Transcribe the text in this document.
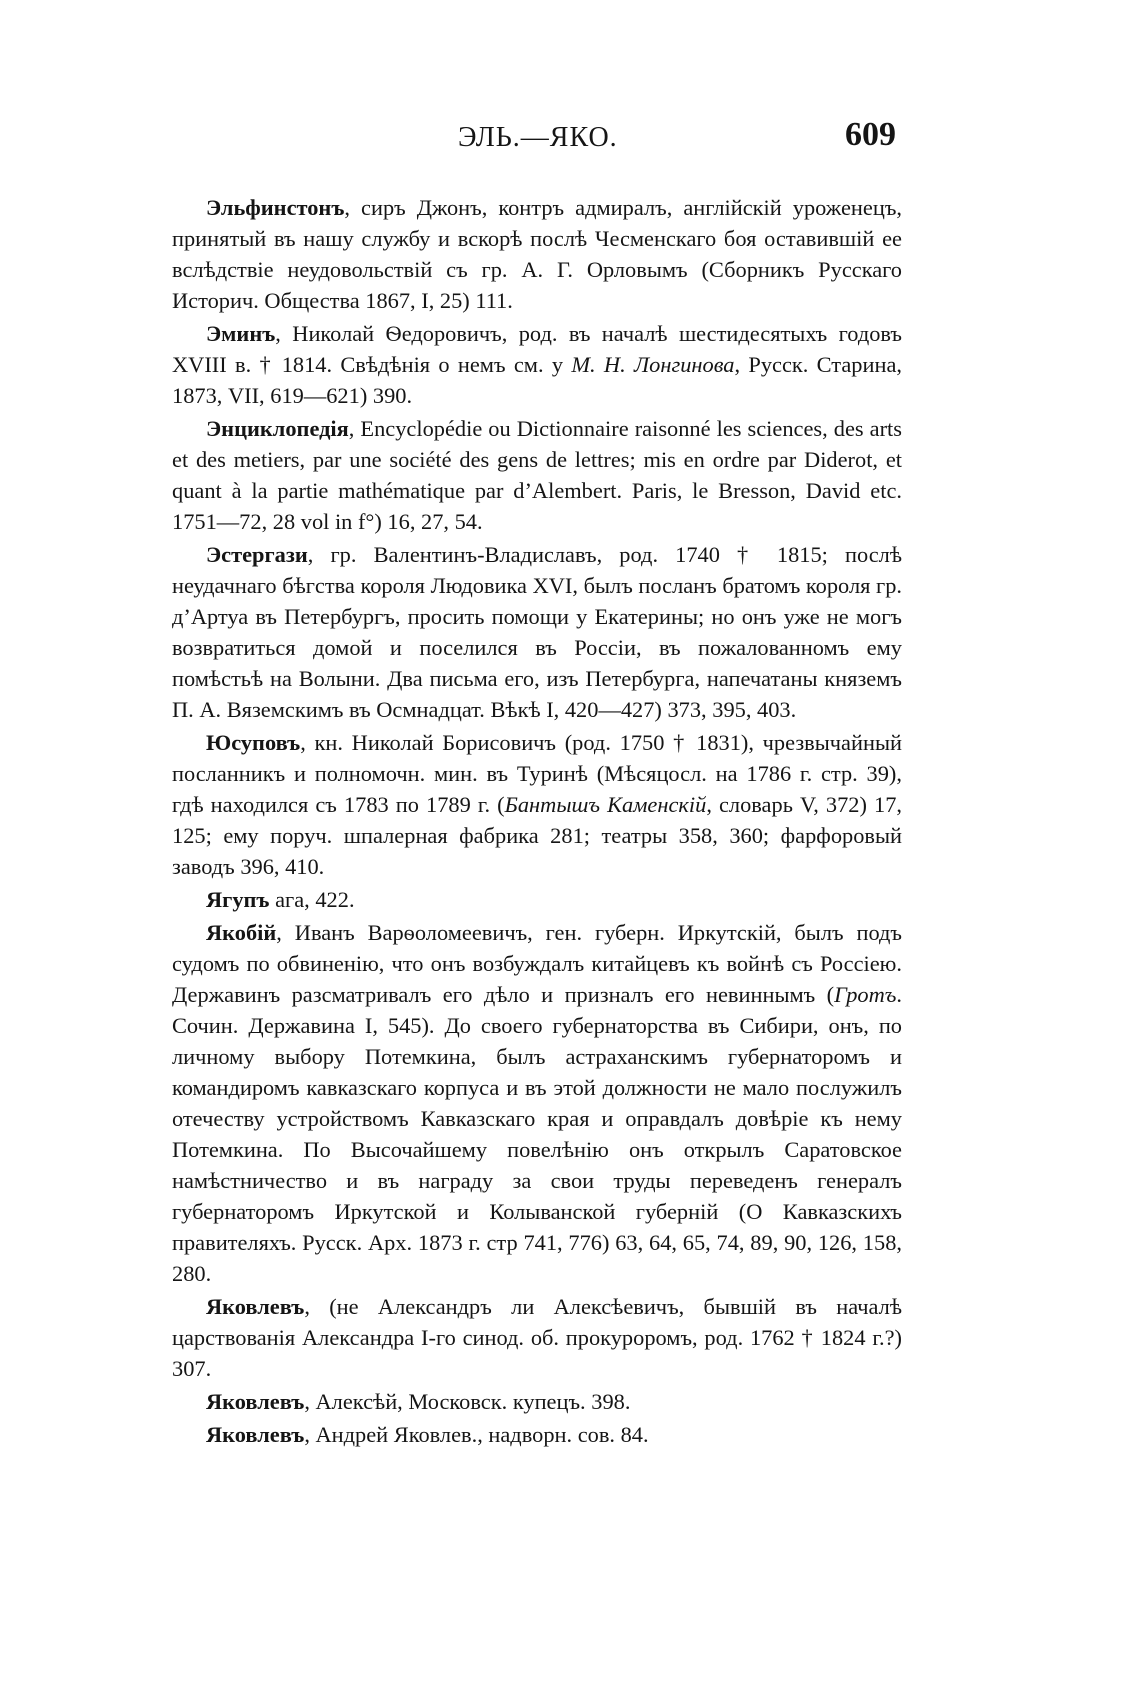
ЭЛЬ.—ЯКО.	609

Эльфинстонъ, сиръ Джонъ, контръ адмиралъ, англійскій уроженецъ, принятый въ нашу службу и вскорѣ послѣ Чесменскаго боя оставившій ее вслѣдствіе неудовольствій съ гр. А. Г. Орловымъ (Сборникъ Русскаго Историч. Общества 1867, I, 25) 111.

Эминъ, Николай Ѳедоровичъ, род. въ началѣ шестидесятыхъ годовъ XVIII в. † 1814. Свѣдѣнія о немъ см. у М. Н. Лонгинова, Русск. Старина, 1873, VII, 619—621) 390.

Энциклопедія, Encyclopédie ou Dictionnaire raisonné les sciences, des arts et des metiers, par une société des gens de lettres; mis en ordre par Diderot, et quant à la partie mathématique par d’Alembert. Paris, le Bresson, David etc. 1751—72, 28 vol in f°) 16, 27, 54.

Эстергази, гр. Валентинъ-Владиславъ, род. 1740 † 1815; послѣ неудачнаго бѣгства короля Людовика XVI, былъ посланъ братомъ короля гр. д’Артуа въ Петербургъ, просить помощи у Екатерины; но онъ уже не могъ возвратиться домой и поселился въ Россіи, въ пожалованномъ ему помѣстьѣ на Волыни. Два письма его, изъ Петербурга, напечатаны княземъ П. А. Вяземскимъ въ Осмнадцат. Вѣкѣ I, 420—427) 373, 395, 403.

Юсуповъ, кн. Николай Борисовичъ (род. 1750 † 1831), чрезвычайный посланникъ и полномочн. мин. въ Туринѣ (Мѣсяцосл. на 1786 г. стр. 39), гдѣ находился съ 1783 по 1789 г. (Бантышъ Каменскій, словарь V, 372) 17, 125; ему поруч. шпалерная фабрика 281; театры 358, 360; фарфоровый заводъ 396, 410.

Ягупъ ага, 422.

Якобій, Иванъ Варѳоломеевичъ, ген. губерн. Иркутскій, былъ подъ судомъ по обвиненію, что онъ возбуждалъ китайцевъ къ войнѣ съ Россіею. Державинъ разсматривалъ его дѣло и призналъ его невиннымъ (Гротъ. Сочин. Державина I, 545). До своего губернаторства въ Сибири, онъ, по личному выбору Потемкина, былъ астраханскимъ губернаторомъ и командиромъ кавказскаго корпуса и въ этой должности не мало послужилъ отечеству устройствомъ Кавказскаго края и оправдалъ довѣріе къ нему Потемкина. По Высочайшему повелѣнію онъ открылъ Саратовское намѣстничество и въ награду за свои труды переведенъ генералъ губернаторомъ Иркутской и Колыванской губерній (О Кавказскихъ правителяхъ. Русск. Арх. 1873 г. стр 741, 776) 63, 64, 65, 74, 89, 90, 126, 158, 280.

Яковлевъ, (не Александръ ли Алексѣевичъ, бывшій въ началѣ царствованія Александра I-го синод. об. прокуроромъ, род. 1762 † 1824 г.?) 307.

Яковлевъ, Алексѣй, Московск. купецъ. 398.

Яковлевъ, Андрей Яковлев., надворн. сов. 84.
